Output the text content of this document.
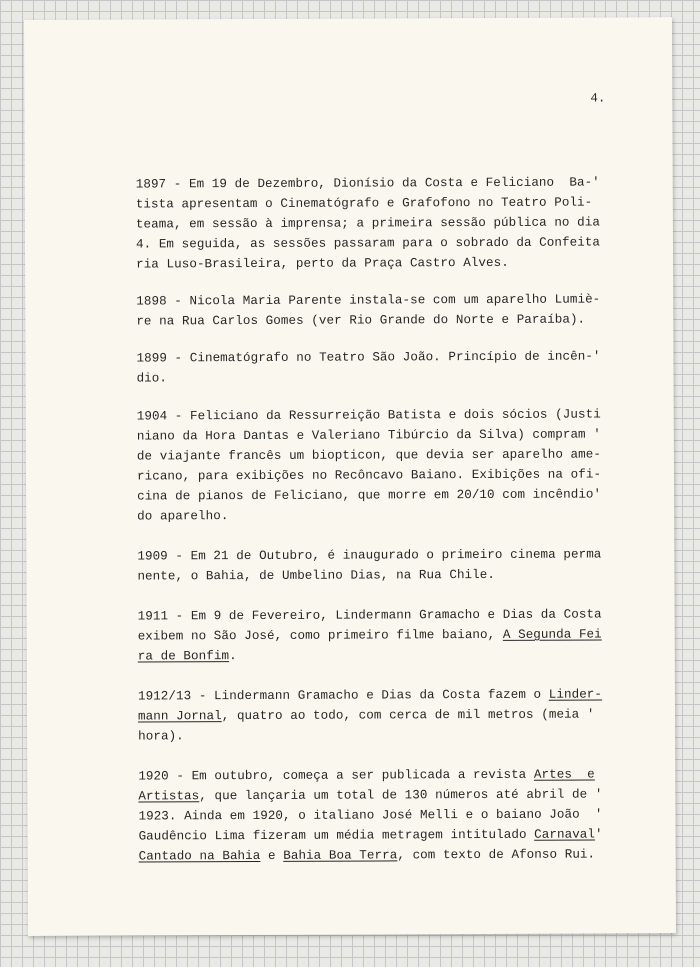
4.
1897 - Em 19 de Dezembro, Dionísio da Costa e Feliciano  Ba-'
tista apresentam o Cinematógrafo e Grafofono no Teatro Poli-
teama, em sessão à imprensa; a primeira sessão pública no dia
4. Em seguida, as sessões passaram para o sobrado da Confeita
ria Luso-Brasileira, perto da Praça Castro Alves.
1898 - Nicola Maria Parente instala-se com um aparelho Lumiè-
re na Rua Carlos Gomes (ver Rio Grande do Norte e Paraíba).
1899 - Cinematógrafo no Teatro São João. Princípio de incên-'
dio.
1904 - Feliciano da Ressurreição Batista e dois sócios (Justi
niano da Hora Dantas e Valeriano Tibúrcio da Silva) compram '
de viajante francês um biopticon, que devia ser aparelho ame-
ricano, para exibições no Recôncavo Baiano. Exibições na ofi-
cina de pianos de Feliciano, que morre em 20/10 com incêndio'
do aparelho.
1909 - Em 21 de Outubro, é inaugurado o primeiro cinema perma
nente, o Bahia, de Umbelino Dias, na Rua Chile.
1911 - Em 9 de Fevereiro, Lindermann Gramacho e Dias da Costa
exibem no São José, como primeiro filme baiano, A Segunda Fei
ra de Bonfim.
1912/13 - Lindermann Gramacho e Dias da Costa fazem o Linder-
mann Jornal, quatro ao todo, com cerca de mil metros (meia '
hora).
1920 - Em outubro, começa a ser publicada a revista Artes  e
Artistas, que lançaria um total de 130 números até abril de '
1923. Ainda em 1920, o italiano José Melli e o baiano João  '
Gaudêncio Lima fizeram um média metragem intitulado Carnaval'
Cantado na Bahia e Bahia Boa Terra, com texto de Afonso Rui.
